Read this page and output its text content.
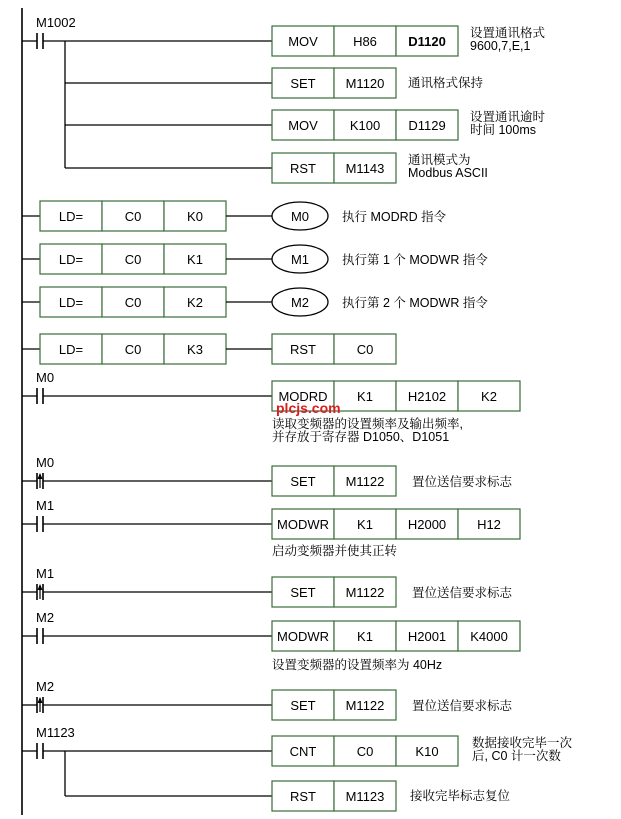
M1002
MOV	H86 D1120
设置通讯格式
9600,7,E,1
SET M1120 通讯格式保持
MOV K100 D1129
设置通讯逾时
时间 100ms
RST M1143
通讯模式为
Modbus ASCII
LD=	C0	K0	M0	执行 MODRD 指令
LD=	C0	K1	M1	执行第 1 个 MODWR 指令
LD=	C0	K2	M2	执行第 2 个 MODWR 指令
LD=	C0	K3	RST	C0
M0
MODRD K1	H2102	K2
读取变频器的设置频率及输出频率,
并存放于寄存器 D1050、D1051
M0
SET M1122 置位送信要求标志
M1
MODWR K1	H2000 H12
启动变频器并使其正转
M1
SET M1122 置位送信要求标志
M2
MODWR K1	H2001 K4000
设置变频器的设置频率为 40Hz
M2
SET M1122 置位送信要求标志
M1123
CNT	C0	K10
数据接收完毕一次
后, C0 计一次数
RST M1123 接收完毕标志复位
plcjs.com
